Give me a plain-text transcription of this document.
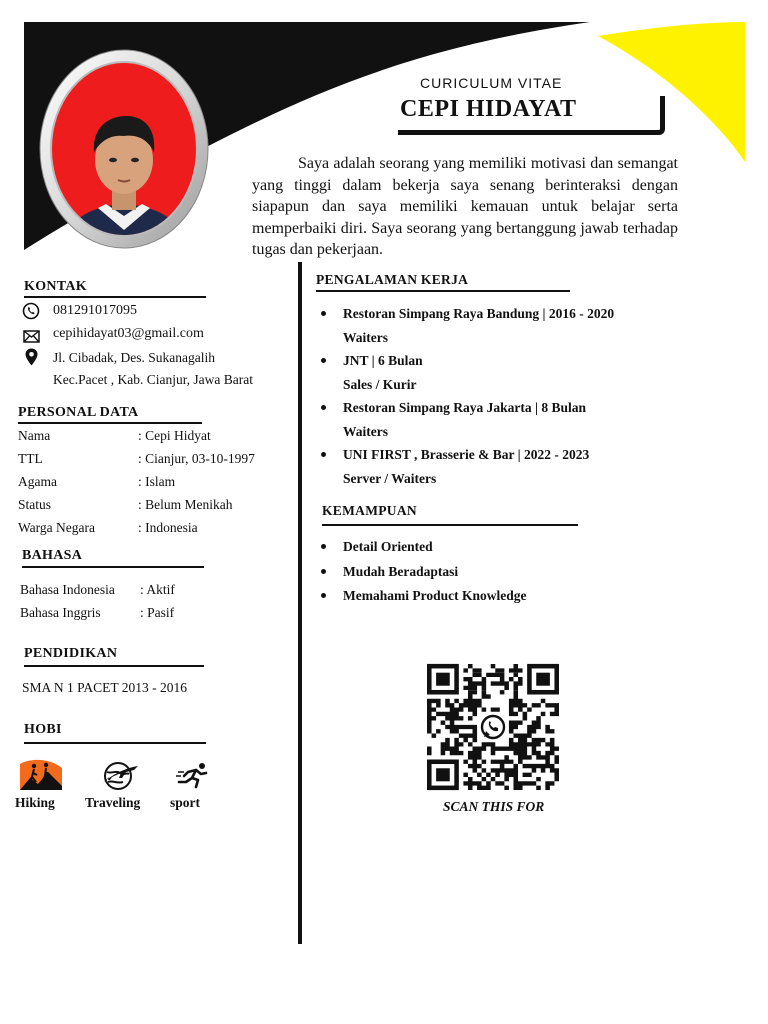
CURICULUM VITAE
CEPI HIDAYAT
Saya adalah seorang yang memiliki motivasi dan semangat yang tinggi dalam bekerja saya senang berinteraksi dengan siapapun dan saya memiliki kemauan untuk belajar serta memperbaiki diri. Saya seorang yang bertanggung jawab terhadap tugas dan pekerjaan.
KONTAK
081291017095
cepihidayat03@gmail.com
Jl. Cibadak, Des. Sukanagalih
Kec.Pacet , Kab. Cianjur, Jawa Barat
PERSONAL DATA
Nama	: Cepi Hidyat
TTL	: Cianjur, 03-10-1997
Agama	: Islam
Status	: Belum Menikah
Warga Negara	: Indonesia
BAHASA
Bahasa Indonesia : Aktif
Bahasa Inggris	: Pasif
PENDIDIKAN
SMA N 1 PACET 2013 - 2016
HOBI
Hiking	Traveling sport
PENGALAMAN KERJA
Restoran Simpang Raya Bandung | 2016 - 2020
Waiters
JNT | 6 Bulan
Sales / Kurir
Restoran Simpang Raya Jakarta | 8 Bulan
Waiters
UNI FIRST , Brasserie & Bar | 2022 - 2023
Server / Waiters
KEMAMPUAN
Detail Oriented
Mudah Beradaptasi
Memahami Product Knowledge
SCAN THIS FOR
